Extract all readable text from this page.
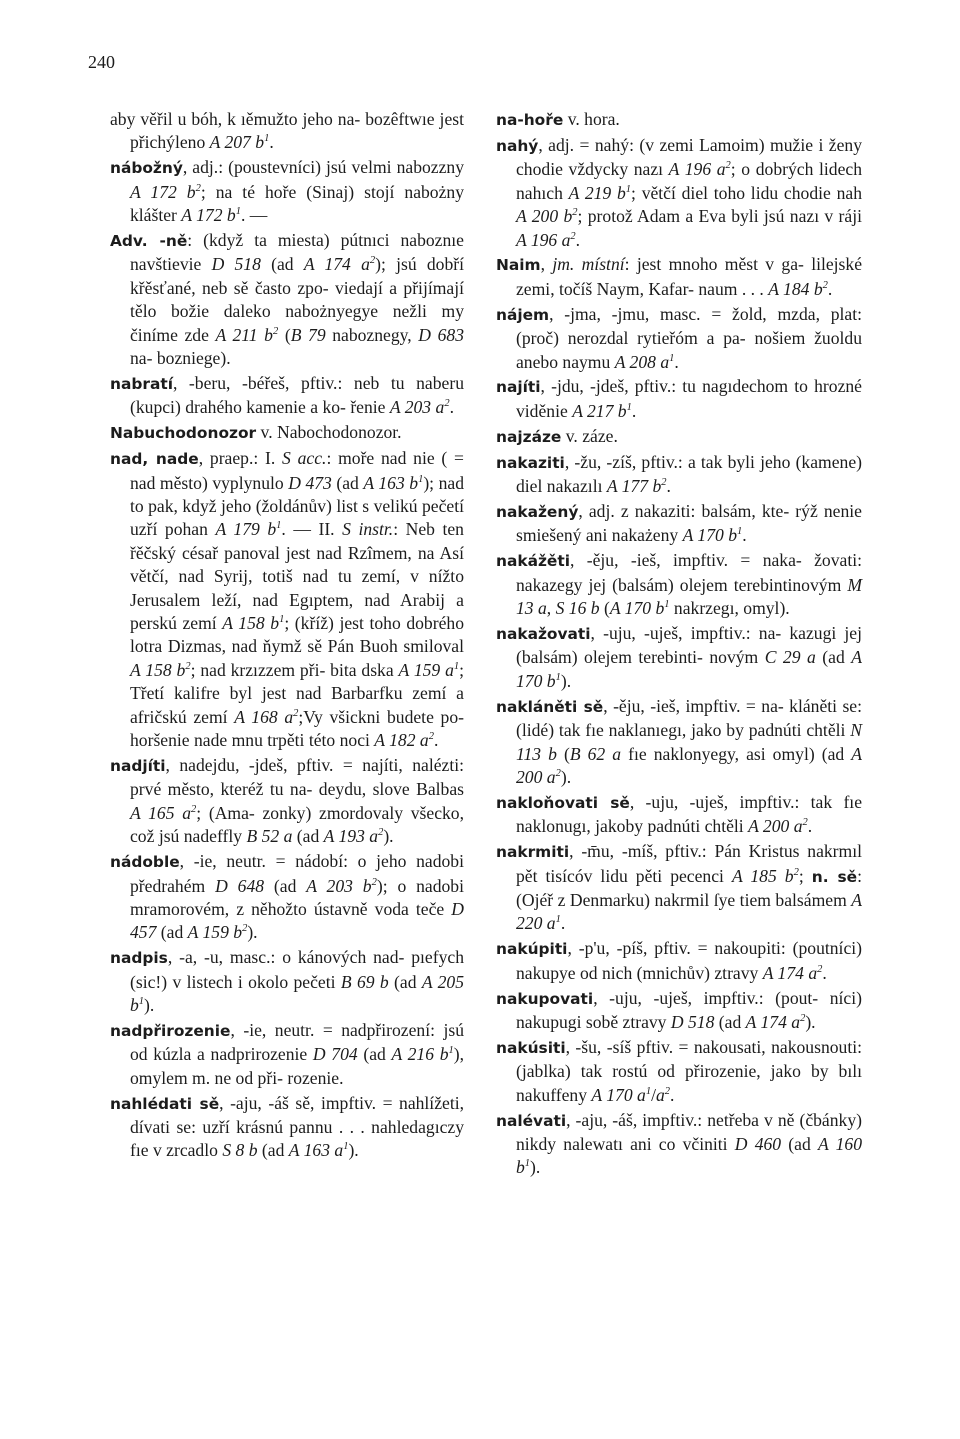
240
aby věřil u bóh, k ıěmužto jeho na- bozêftwıe jest přichýleno A 207 $b^1$.
nábožný, adj.: (poustevníci) jsú velmi nabozzny A 172 $b^2$; na té hoře (Sinaj) stojí nabożny klášter A 172 $b^1$. —
Adv. -ně: (když ta miesta) pútnıci naboznıe navštievie D 518 (ad A 174 $a^2$); jsú dobří křěsťané, neb sě často zpo- viedají a přijímají tělo božie daleko nabożnyegye nežli my činíme zde A 211 $b^2$ (B 79 naboznegy, D 683 na- bozniege).
nabratí, -beru, -béřeš, pftiv.: neb tu naberu (kupci) drahého kamenie a ko- řenie A 203 $a^2$.
Nabuchodonozor v. Nabochodonozor.
nad, nade, praep.: I. S acc.: moře nad nie ( = nad město) vyplynulo D 473 (ad A 163 $b^1$); nad to pak, když jeho (žoldánův) list s velikú pečetí uzří pohan A 179 $b^1$. — II. S instr.: Neb ten řěčský césař panoval jest nad Rzîmem, na Así větčí, nad Syrij, totiš nad tu zemí, v nížto Jerusalem leží, nad Egıptem, nad Arabij a perskú zemí A 158 $b^1$; (kříž) jest toho dobrého lotra Dizmas, nad ňymž sě Pán Buoh smiloval A 158 $b^2$; nad krzızzem při- bita dska A 159 $a^1$; Třetí kalifre byl jest nad Barbarfku zemí a afričskú zemí A 168 $a^2;Vy$ všickni budete po- horšenie nade mnu trpěti této noci A 182 $a^2$.
nadjíti, nadejdu, -jdeš, pftiv. = najíti, nalézti: prvé město, kteréž tu na- deydu, slove Balbas A 165 $a^2$; (Ama- zonky) zmordovaly všecko, což jsú nadeffly B 52 a (ad A 193 $a^2$).
nádoble, -ie, neutr. = nádobí: o jeho nadobi předrahém D 648 (ad A 203 $b^2$); o nadobi mramorovém, z něhožto ústavně voda teče D 457 (ad A 159 $b^2$).
nadpis, -a, -u, masc.: o kánových nad- pıefych (sic!) v listech i okolo pečeti B 69 b (ad A 205 $b^1$).
nadpřirozenie, -ie, neutr. = nadpřirození: jsú od kúzla a nadprirozenie D 704 (ad A 216 $b^1$), omylem m. ne od při- rozenie.
nahlédati sě, -aju, -áš sě, impftiv. = nahlížeti, dívati se: uzří krásnú pannu . . . nahledagıczy fıe v zrcadlo S 8 b (ad A 163 $a^1$).
na-hoře v. hora.
nahý, adj. = nahý: (v zemi Lamoim) mužie i ženy chodie vždycky nazı A 196 $a^2$; o dobrých lidech nahıch A 219 $b^1$; větčí diel toho lidu chodie nah A 200 $b^2$; protož Adam a Eva byli jsú nazı v ráji A 196 $a^2$.
Naim, jm. místní: jest mnoho měst v ga- lilejské zemi, točíš Naym, Kafar- naum . . . A 184 $b^2$.
nájem, -jma, -jmu, masc. = žold, mzda, plat: (proč) nerozdal rytieřóm a pa- nošiem žuoldu anebo naymu A 208 $a^1$.
najíti, -jdu, -jdeš, pftiv.: tu nagıdechom to hrozné viděnie A 217 $b^1$.
najzáze v. záze.
nakaziti, -žu, -zíš, pftiv.: a tak byli jeho (kamene) diel nakazılı A 177 $b^2$.
nakažený, adj. z nakaziti: balsám, kte- rýž nenie smiešený ani nakażeny A 170 $b^1$.
nakážěti, -ěju, -ieš, impftiv. = naka- žovati: nakazegy jej (balsám) olejem terebintinovým M 13 a, S 16 b (A 170 $b^1$ nakrzegı, omyl).
nakažovati, -uju, -uješ, impftiv.: na- kazugi jej (balsám) olejem terebinti- novým C 29 a (ad A 170 $b^1$).
nakláněti sě, -ěju, -ieš, impftiv. = na- kláněti se: (lidé) tak fıe naklanıegı, jako by padnúti chtěli N 113 b (B 62 a fıe naklonyegy, asi omyl) (ad A 200 $a^2$).
nakloňovati sě, -uju, -uješ, impftiv.: tak fıe naklonugı, jakoby padnúti chtěli A 200 $a^2$.
nakrmiti, -m̄u, -míš, pftiv.: Pán Kristus nakrmıl pět tisícóv lidu pěti pecenci A 185 $b^2$; n. sě: (Ojéř z Denmarku) nakrmil ſye tiem balsámem A 220 $a^1$.
nakúpiti, -p'u, -píš, pftiv. = nakoupiti: (poutníci) nakupye od nich (mnichův) ztravy A 174 $a^2$.
nakupovati, -uju, -uješ, impftiv.: (pout- níci) nakupugi sobě ztravy D 518 (ad A 174 $a^2$).
nakúsiti, -šu, -síš pftiv. = nakousati, nakousnouti: (jablka) tak rostú od přirozenie, jako by bılı nakuffeny A 170 $a^1/a^2$.
nalévati, -aju, -áš, impftiv.: netřeba v ně (čbánky) nikdy nalewatı ani co včiniti D 460 (ad A 160 $b^1$).
